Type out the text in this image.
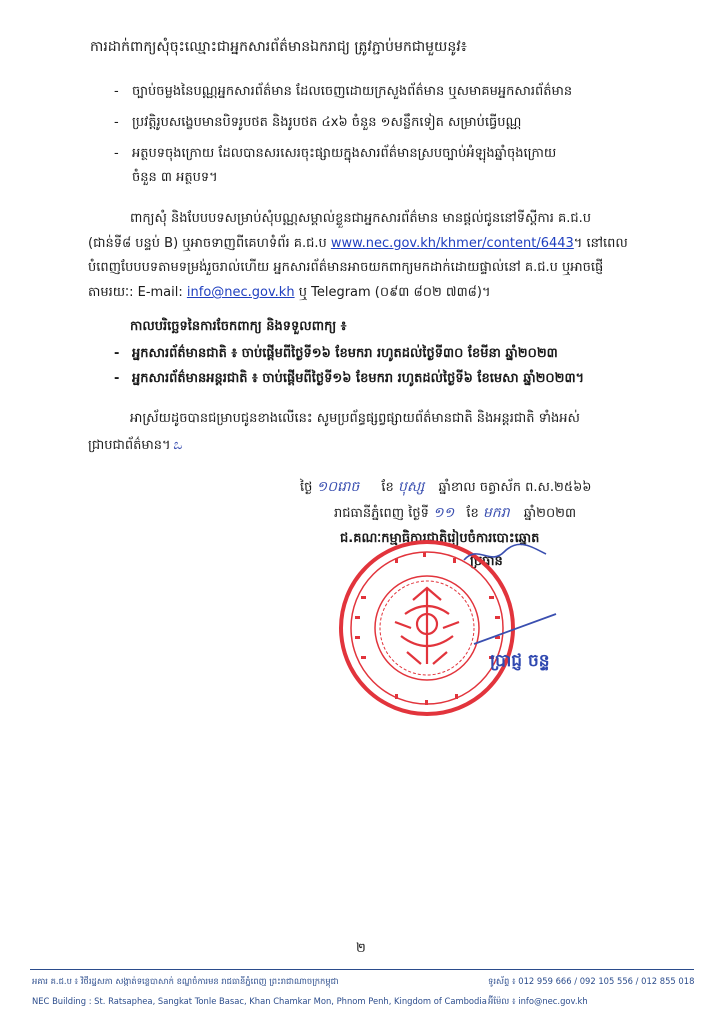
ការដាក់ពាក្យសុំចុះឈ្មោះជាអ្នកសារព័ត៌មានឯករាជ្យ ត្រូវភ្ជាប់មកជាមួយនូវ៖
- ច្បាប់ចម្លងនៃបណ្ណអ្នកសារព័ត៌មាន ដែលចេញដោយក្រសួងព័ត៌មាន ឬសមាគមអ្នកសារព័ត៌មាន
- ប្រវត្តិរូបសង្ខេបមានបិទរូបថត និងរូបថត ៤x៦ ចំនួន ១សន្លឹកទៀត សម្រាប់ធ្វើបណ្ណ
- អត្ថបទចុងក្រោយ ដែលបានសរសេរចុះផ្សាយក្នុងសារព័ត៌មានស្របច្បាប់អំឡុងឆ្នាំចុងក្រោយ
ចំនួន ៣ អត្ថបទ។
ពាក្យសុំ និងបែបបទសម្រាប់សុំបណ្ណសម្គាល់ខ្លួនជាអ្នកសារព័ត៌មាន មានផ្តល់ជូននៅទីស្តីការ គ.ជ.ប
(ជាន់ទី៨ បន្ទប់ B) ឬអាចទាញពីគេហទំព័រ គ.ជ.ប www.nec.gov.kh/khmer/content/6443។ នៅពេល
បំពេញបែបបទតាមទម្រង់រួចរាល់ហើយ អ្នកសារព័ត៌មានអាចយកពាក្យមកដាក់ដោយផ្ទាល់នៅ គ.ជ.ប ឬអាចផ្ញើ
តាមរយៈ: E-mail: info@nec.gov.kh ឬ Telegram (០៩៣ ៨០២ ៧៣៨)។
កាលបរិច្ឆេទនៃការចែកពាក្យ និងទទួលពាក្យ ៖
- អ្នកសារព័ត៌មានជាតិ ៖ ចាប់ផ្តើមពីថ្ងៃទី១៦ ខែមករា រហូតដល់ថ្ងៃទី៣០ ខែមីនា ឆ្នាំ២០២៣
- អ្នកសារព័ត៌មានអន្តរជាតិ ៖ ចាប់ផ្តើមពីថ្ងៃទី១៦ ខែមករា រហូតដល់ថ្ងៃទី៦ ខែមេសា ឆ្នាំ២០២៣។
អាស្រ័យដូចបានជម្រាបជូនខាងលើនេះ សូមប្រព័ន្ធផ្សព្វផ្សាយព័ត៌មានជាតិ និងអន្តរជាតិ ទាំងអស់
ជ្រាបជាព័ត៌មាន។ ಒ
ថ្ងៃ ១០រោច ខែ បុស្ស ឆ្នាំខាល ចត្វាស័ក ព.ស.២៥៦៦
រាជធានីភ្នំពេញ ថ្ងៃទី ១១ ខែ មករា ឆ្នាំ២០២៣
ជ.គណៈកម្មាធិការជាតិរៀបចំការបោះឆ្នោត
ប្រធាន
ប្រាជ្ញ ចន្ទ
២
អគារ គ.ជ.ប ៖ វិថីរដ្ឋសភា សង្កាត់ទន្លេបាសាក់ ខណ្ឌចំការមន រាជធានីភ្នំពេញ ព្រះរាជាណាចក្រកម្ពុជា
NEC Building : St. Ratsaphea, Sangkat Tonle Basac, Khan Chamkar Mon, Phnom Penh, Kingdom of Cambodia
ទូរស័ព្ទ ៖ 012 959 666 / 092 105 556 / 012 855 018
អ៊ីម៉ែល ៖ info@nec.gov.kh
